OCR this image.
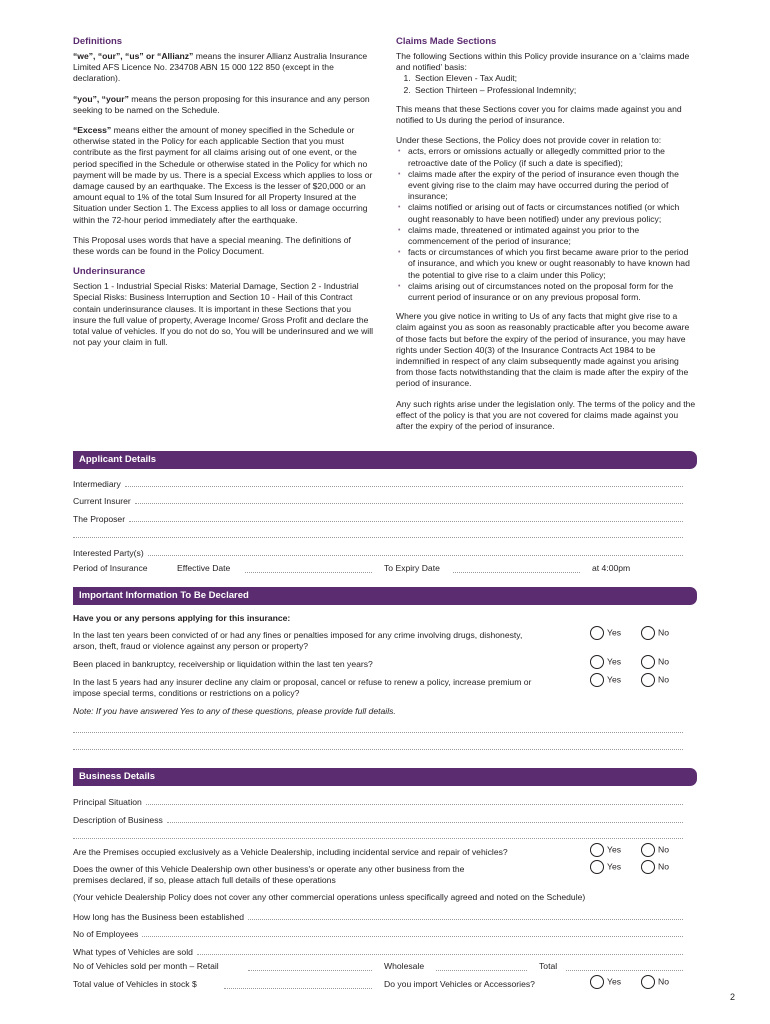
Definitions

“we”, “our”, “us” or “Allianz” means the insurer Allianz Australia Insurance Limited AFS Licence No. 234708 ABN 15 000 122 850 (except in the declaration).

“you”, “your” means the person proposing for this insurance and any person seeking to be named on the Schedule.

“Excess” means either the amount of money specified in the Schedule or otherwise stated in the Policy for each applicable Section that you must contribute as the first payment for all claims arising out of one event, or the period specified in the Schedule or otherwise stated in the Policy for which no payment will be made by us. There is a special Excess which applies to loss or damage caused by an earthquake. The Excess is the lesser of $20,000 or an amount equal to 1% of the total Sum Insured for all Property Insured at the Situation under Section 1. The Excess applies to all loss or damage occurring within the 72-hour period immediately after the earthquake.

This Proposal uses words that have a special meaning. The definitions of these words can be found in the Policy Document.

Underinsurance

Section 1 - Industrial Special Risks: Material Damage, Section 2 - Industrial Special Risks: Business Interruption and Section 10 - Hail of this Contract contain underinsurance clauses. It is important in these Sections that you insure the full value of property, Average Income/ Gross Profit and declare the total value of vehicles. If you do not do so, You will be underinsured and we will not pay your claim in full.

Claims Made Sections

The following Sections within this Policy provide insurance on a ‘claims made and notified’ basis:

1. Section Eleven - Tax Audit;
2. Section Thirteen – Professional Indemnity;

This means that these Sections cover you for claims made against you and notified to Us during the period of insurance.

Under these Sections, the Policy does not provide cover in relation to:

• acts, errors or omissions actually or allegedly committed prior to the retroactive date of the Policy (if such a date is specified);
• claims made after the expiry of the period of insurance even though the event giving rise to the claim may have occurred during the period of insurance;
• claims notified or arising out of facts or circumstances notified (or which ought reasonably to have been notified) under any previous policy;
• claims made, threatened or intimated against you prior to the commencement of the period of insurance;
• facts or circumstances of which you first became aware prior to the period of insurance, and which you knew or ought reasonably to have known had the potential to give rise to a claim under this Policy;
• claims arising out of circumstances noted on the proposal form for the current period of insurance or on any previous proposal form.

Where you give notice in writing to Us of any facts that might give rise to a claim against you as soon as reasonably practicable after you become aware of those facts but before the expiry of the period of insurance, you may have rights under Section 40(3) of the Insurance Contracts Act 1984 to be indemnified in respect of any claim subsequently made against you arising from those facts notwithstanding that the claim is made after the expiry of the period of insurance.

Any such rights arise under the legislation only. The terms of the policy and the effect of the policy is that you are not covered for claims made against you after the expiry of the period of insurance.

Applicant Details
Intermediary
Current Insurer
The Proposer
Interested Party(s)
Period of Insurance	Effective Date	To Expiry Date	at 4:00pm
Important Information To Be Declared
Have you or any persons applying for this insurance:
In the last ten years been convicted of or had any fines or penalties imposed for any crime involving drugs, dishonesty, arson, theft, fraud or violence against any person or property?
Yes	No
Been placed in bankruptcy, receivership or liquidation within the last ten years?	Yes	No
In the last 5 years had any insurer decline any claim or proposal, cancel or refuse to renew a policy, increase premium or impose special terms, conditions or restrictions on a policy?
Yes	No
Note: If you have answered Yes to any of these questions, please provide full details.
Business Details
Principal Situation
Description of Business
Are the Premises occupied exclusively as a Vehicle Dealership, including incidental service and repair of vehicles?	Yes	No
Does the owner of this Vehicle Dealership own other business's or operate any other business from the premises declared, if so, please attach full details of these operations
Yes	No
(Your vehicle Dealership Policy does not cover any other commercial operations unless specifically agreed and noted on the Schedule)
How long has the Business been established
No of Employees
What types of Vehicles are sold
No of Vehicles sold per month – Retail	Wholesale	Total
Total value of Vehicles in stock $	Do you import Vehicles or Accessories?	Yes	No
2
